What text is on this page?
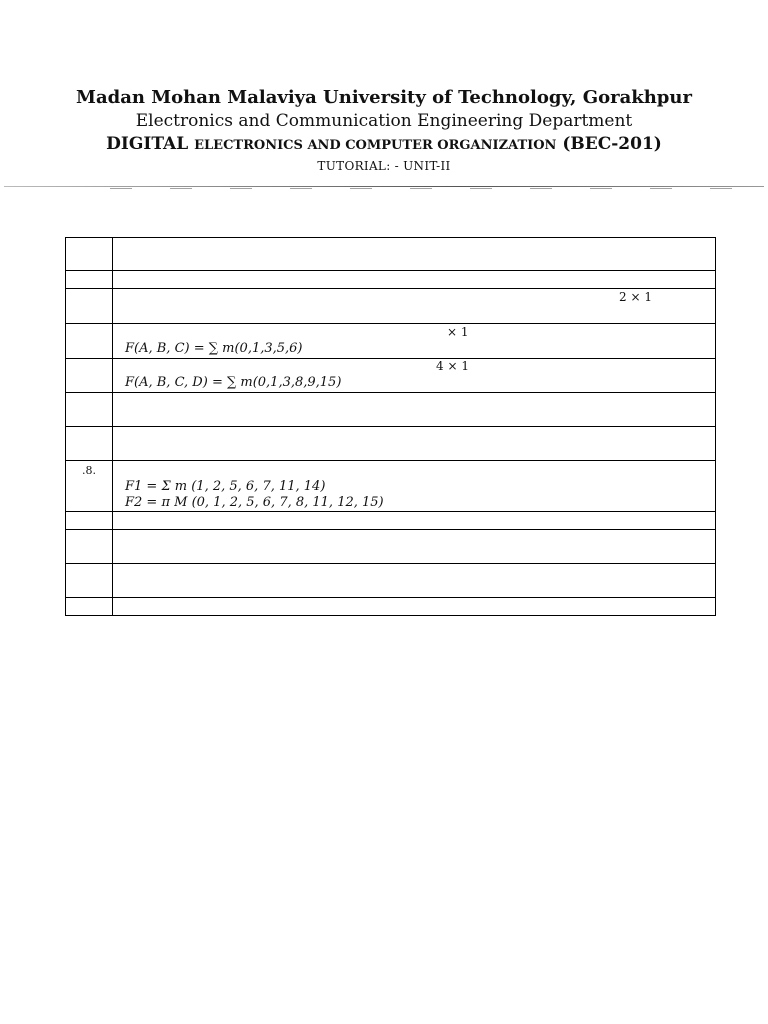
Madan Mohan Malaviya University of Technology, Gorakhpur

Electronics and Communication Engineering Department

DIGITAL ELECTRONICS AND COMPUTER ORGANIZATION (BEC-201)

TUTORIAL: - UNIT-II

	2 × 1

	× 1
F(A, B, C) = ∑ m(0,1,3,5,6)

	4 × 1
F(A, B, C, D) = ∑ m(0,1,3,8,9,15)

.8.	F1 = Σ m (1, 2, 5, 6, 7, 11, 14)
F2 = π M (0, 1, 2, 5, 6, 7, 8, 11, 12, 15)
